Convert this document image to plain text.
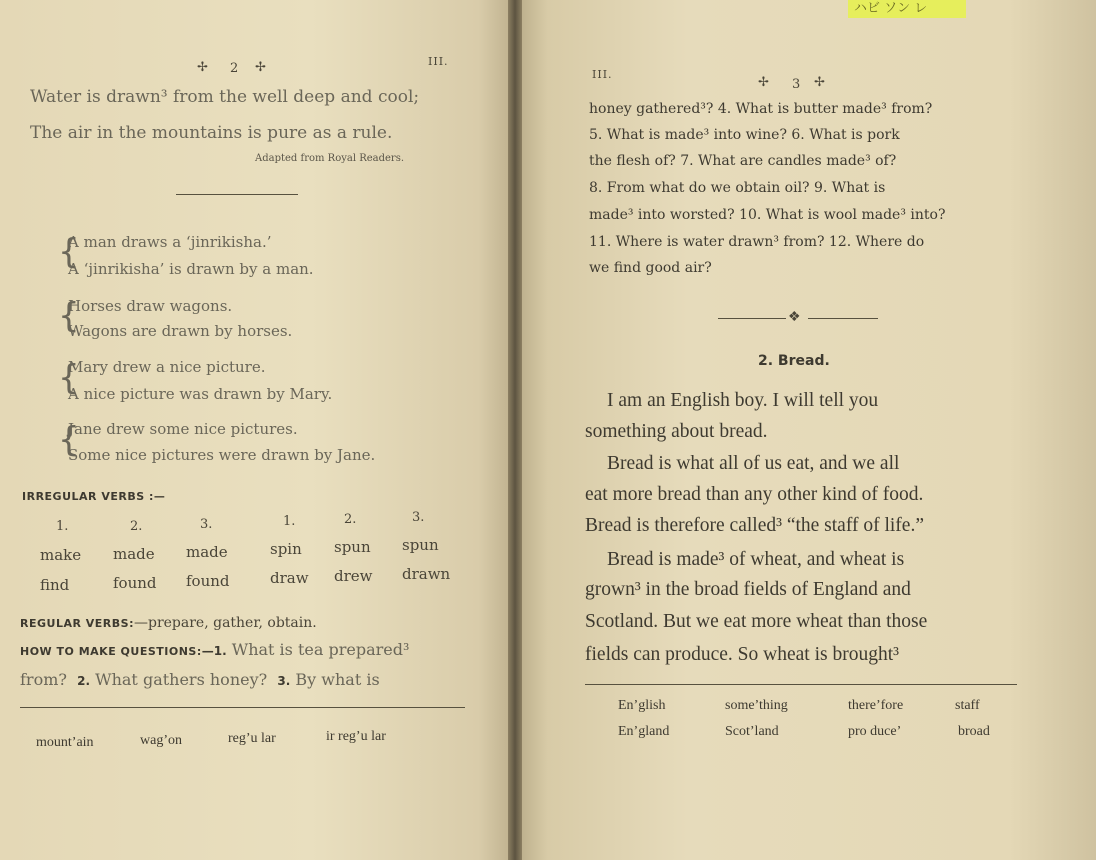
ハビ ソン レ
✢ 2 ✢	III.
Water is drawn³ from the well deep and cool;
The air in the mountains is pure as a rule.
Adapted from Royal Readers.
{
A man draws a ‘jinrikisha.’
A ‘jinrikisha’ is drawn by a man.
{
Horses draw wagons.
Wagons are drawn by horses.
{
Mary drew a nice picture.
A nice picture was drawn by Mary.
{
Jane drew some nice pictures.
Some nice pictures were drawn by Jane.
IRREGULAR VERBS :—
1.	2.	3.	1.	2.	3.
make made made	spin spun spun
find	found found	draw drew drawn
REGULAR VERBS:—prepare, gather, obtain.
HOW TO MAKE QUESTIONS:—1. What is tea prepared³
from? 2. What gathers honey? 3. By what is
mount’ain	wag’on	reg’u lar	ir reg’u lar
III.
✢ 3 ✢
honey gathered³? 4. What is butter made³ from?
5. What is made³ into wine? 6. What is pork
the flesh of? 7. What are candles made³ of?
8. From what do we obtain oil? 9. What is
made³ into worsted? 10. What is wool made³ into?
11. Where is water drawn³ from? 12. Where do
we find good air?
❖
2. Bread.
I am an English boy. I will tell you
something about bread.
Bread is what all of us eat, and we all
eat more bread than any other kind of food.
Bread is therefore called³ “the staff of life.”
Bread is made³ of wheat, and wheat is
grown³ in the broad fields of England and
Scotland. But we eat more wheat than those
fields can produce. So wheat is brought³
En’glish	some’thing	there’fore	staff
En’gland	Scot’land	pro duce’	broad
